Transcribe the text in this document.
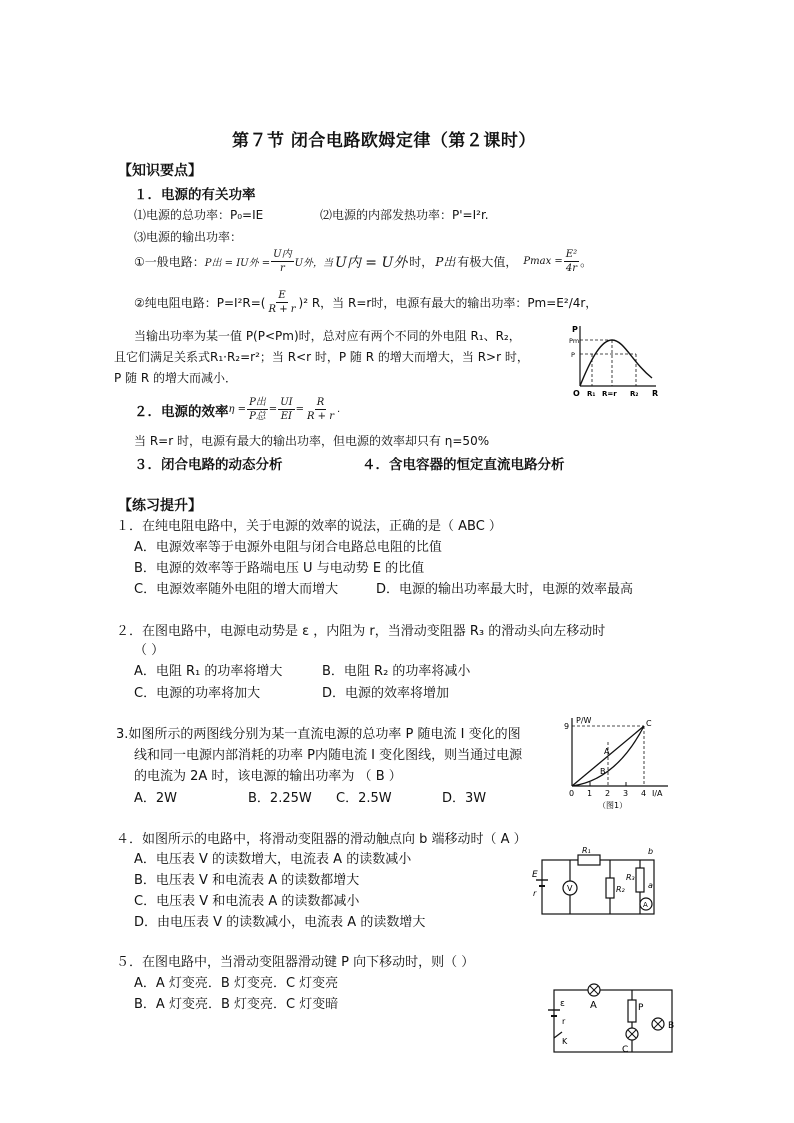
第７节 闭合电路欧姆定律（第２课时）
【知识要点】
１．电源的有关功率
⑴电源的总功率：P₀=IE	⑵电源的内部发热功率：P'=I²r.
⑶电源的输出功率：
①一般电路： P出 = IU外 = $\frac{\text{U内}}{r}$ U外，当 U内 = U外 时， P出 有极大值， $Pmax = \frac{\text{E²}}{4r}$ 。
②纯电阻电路：$P=I^2R=( \frac{E}{R + r} )^2$ R，当 R=r时，电源有最大的输出功率：Pm=E²/4r，
当输出功率为某一值 P(P<Pm)时，总对应有两个不同的外电阻 R₁、R₂，
且它们满足关系式R₁·R₂=r²；当 R<r 时，P 随 R 的增大而增大，当 R>r 时，
P 随 R 的增大而减小．
P
Pm
P
O R₁ R=r R₂ R
２．电源的效率 $\eta = \frac{\text{P出}}{\text{P总}} = \frac{UI}{EI} = \frac{R}{R + r}$ .
当 R=r 时，电源有最大的输出功率，但电源的效率却只有 η=50%
３．闭合电路的动态分析	４．含电容器的恒定直流电路分析
【练习提升】
１．在纯电阻电路中，关于电源的效率的说法，正确的是（ ABC ）
A．电源效率等于电源外电阻与闭合电路总电阻的比值
B．电源的效率等于路端电压 U 与电动势 E 的比值
C．电源效率随外电阻的增大而增大	D．电源的输出功率最大时，电源的效率最高
２．在图电路中，电源电动势是 ε ，内阻为 r，当滑动变阻器 R₃ 的滑动头向左移动时
（ ）
A．电阻 R₁ 的功率将增大	B．电阻 R₂ 的功率将减小
C．电源的功率将加大	D．电源的效率将增加
3.如图所示的两图线分别为某一直流电源的总功率 P 随电流 I 变化的图
线和同一电源内部消耗的功率 P内随电流 I 变化图线，则当通过电源
的电流为 2A 时，该电源的输出功率为 （ B ）
A．2W	B．2.25W C．2.5W	D．3W
P/W
9	C
A
B
0 1 2 3 4 I/A
（图1）
４．如图所示的电路中，将滑动变阻器的滑动触点向 b 端移动时（ A ）
A．电压表 V 的读数增大，电流表 A 的读数减小
B．电压表 V 和电流表 A 的读数都增大
C．电压表 V 和电流表 A 的读数都减小
D．由电压表 V 的读数减小，电流表 A 的读数增大
E
r
V
R₁
R₂
R₃
A
a
b
５．在图电路中，当滑动变阻器滑动键 P 向下移动时，则（ ）
A．A 灯变亮．B 灯变亮．C 灯变亮
B．A 灯变亮．B 灯变亮．C 灯变暗	ε
r
K
A	P
B
C
